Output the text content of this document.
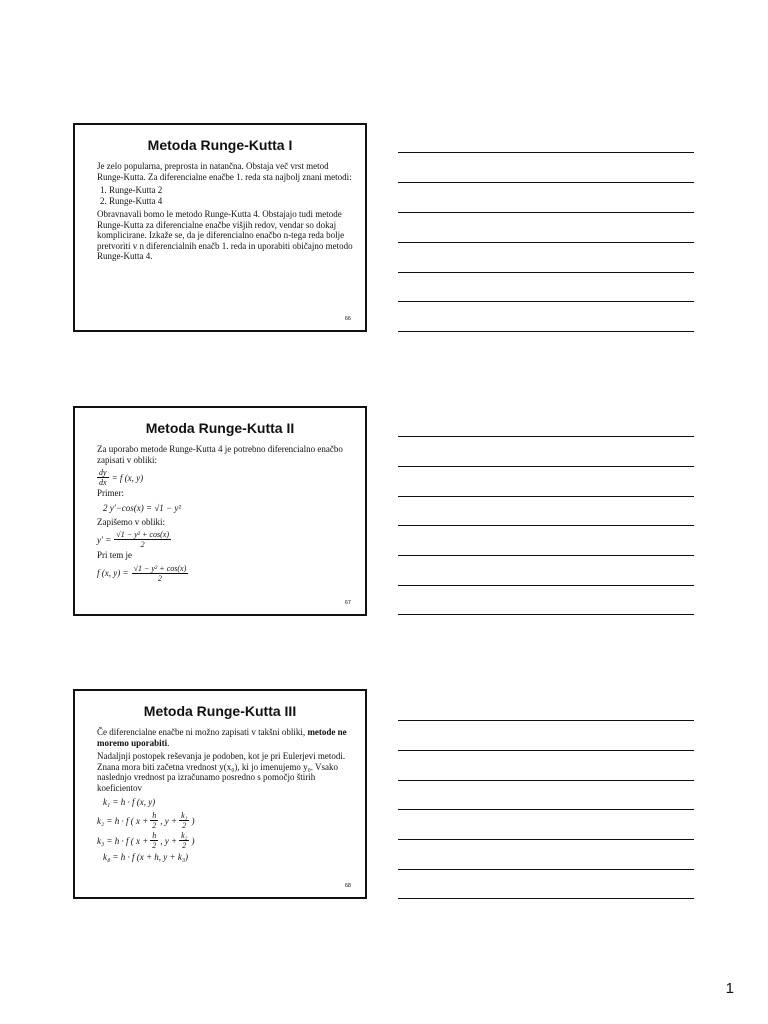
Metoda Runge-Kutta I

Je zelo popularna, preprosta in natančna. Obstaja več vrst metod Runge-Kutta. Za diferencialne enačbe 1. reda sta najbolj znani metodi:

1. Runge-Kutta 2
2. Runge-Kutta 4

Obravnavali bomo le metodo Runge-Kutta 4. Obstajajo tudi metode Runge-Kutta za diferencialne enačbe višjih redov, vendar so dokaj komplicirane. Izkaže se, da je diferencialno enačbo n-tega reda bolje pretvoriti v n diferencialnih enačb 1. reda in uporabiti običajno metodo Runge-Kutta 4.

66
Metoda Runge-Kutta II

Za uporabo metode Runge-Kutta 4 je potrebno diferencialno enačbo zapisati v obliki:

$\frac{dy}{dx} = f$ (x, y)

Primer:

2 y′−cos(x) = √1 − y²

Zapišemo v obliki:

$y' = \frac{\text{√1 − y² + cos(x)}}{2}$

Pri tem je

f (x, $y) = \frac{\text{√1 − y² + cos(x)}}{2}$
67
Metoda Runge-Kutta III

Če diferencialne enačbe ni možno zapisati v takšni obliki, metode ne moremo uporabiti.

Nadaljnji postopek reševanja je podoben, kot je pri Eulerjevi metodi. Znana mora biti začetna vrednost y(x₀), ki jo imenujemo y₀. Vsako naslednjo vrednost pa izračunamo posredno s pomočjo štirih koeficientov

k₁ = h · f (x, y)
k₂ = h · f ( $x + \frac{h}{2}$ , $y + \frac{\text{k₁}}{2}$ )
k₃ = h · f ( $x + \frac{h}{2}$ , $y + \frac{\text{k₂}}{2}$ )
k₄ = h · f (x + h, y + k₃)
68
1
